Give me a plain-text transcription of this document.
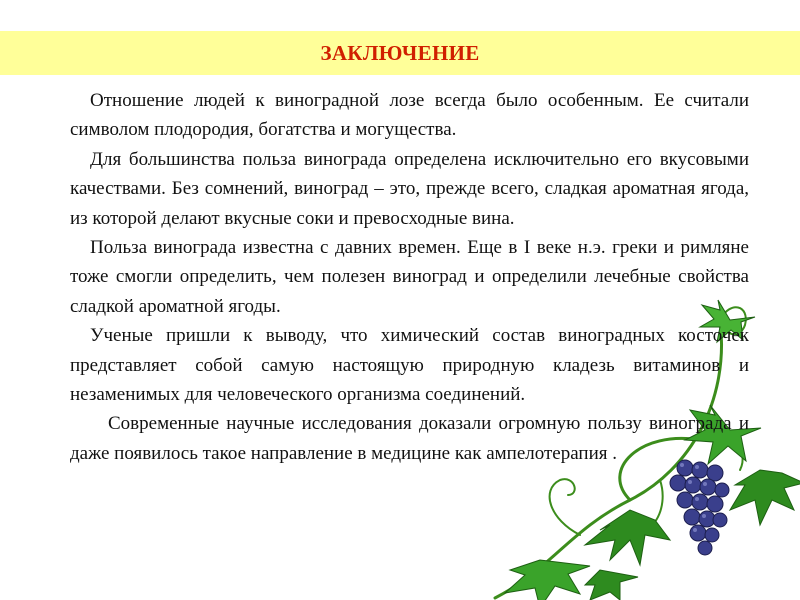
ЗАКЛЮЧЕНИЕ

Отношение людей к виноградной лозе всегда было особенным. Ее считали символом плодородия, богатства и могущества.

Для большинства польза винограда определена исключительно его вкусовыми качествами. Без сомнений, виноград – это, прежде всего, сладкая ароматная ягода, из которой делают вкусные соки и превосходные вина.

Польза винограда известна с давних времен. Еще в I веке н.э. греки и римляне тоже смогли определить, чем полезен виноград и определили лечебные свойства сладкой ароматной ягоды.

Ученые пришли к выводу, что химический состав виноградных косточек представляет собой самую настоящую природную кладезь витаминов и незаменимых для человеческого организма соединений.

Современные научные исследования доказали огромную пользу винограда и даже появилось такое направление в медицине как ампелотерапия .
